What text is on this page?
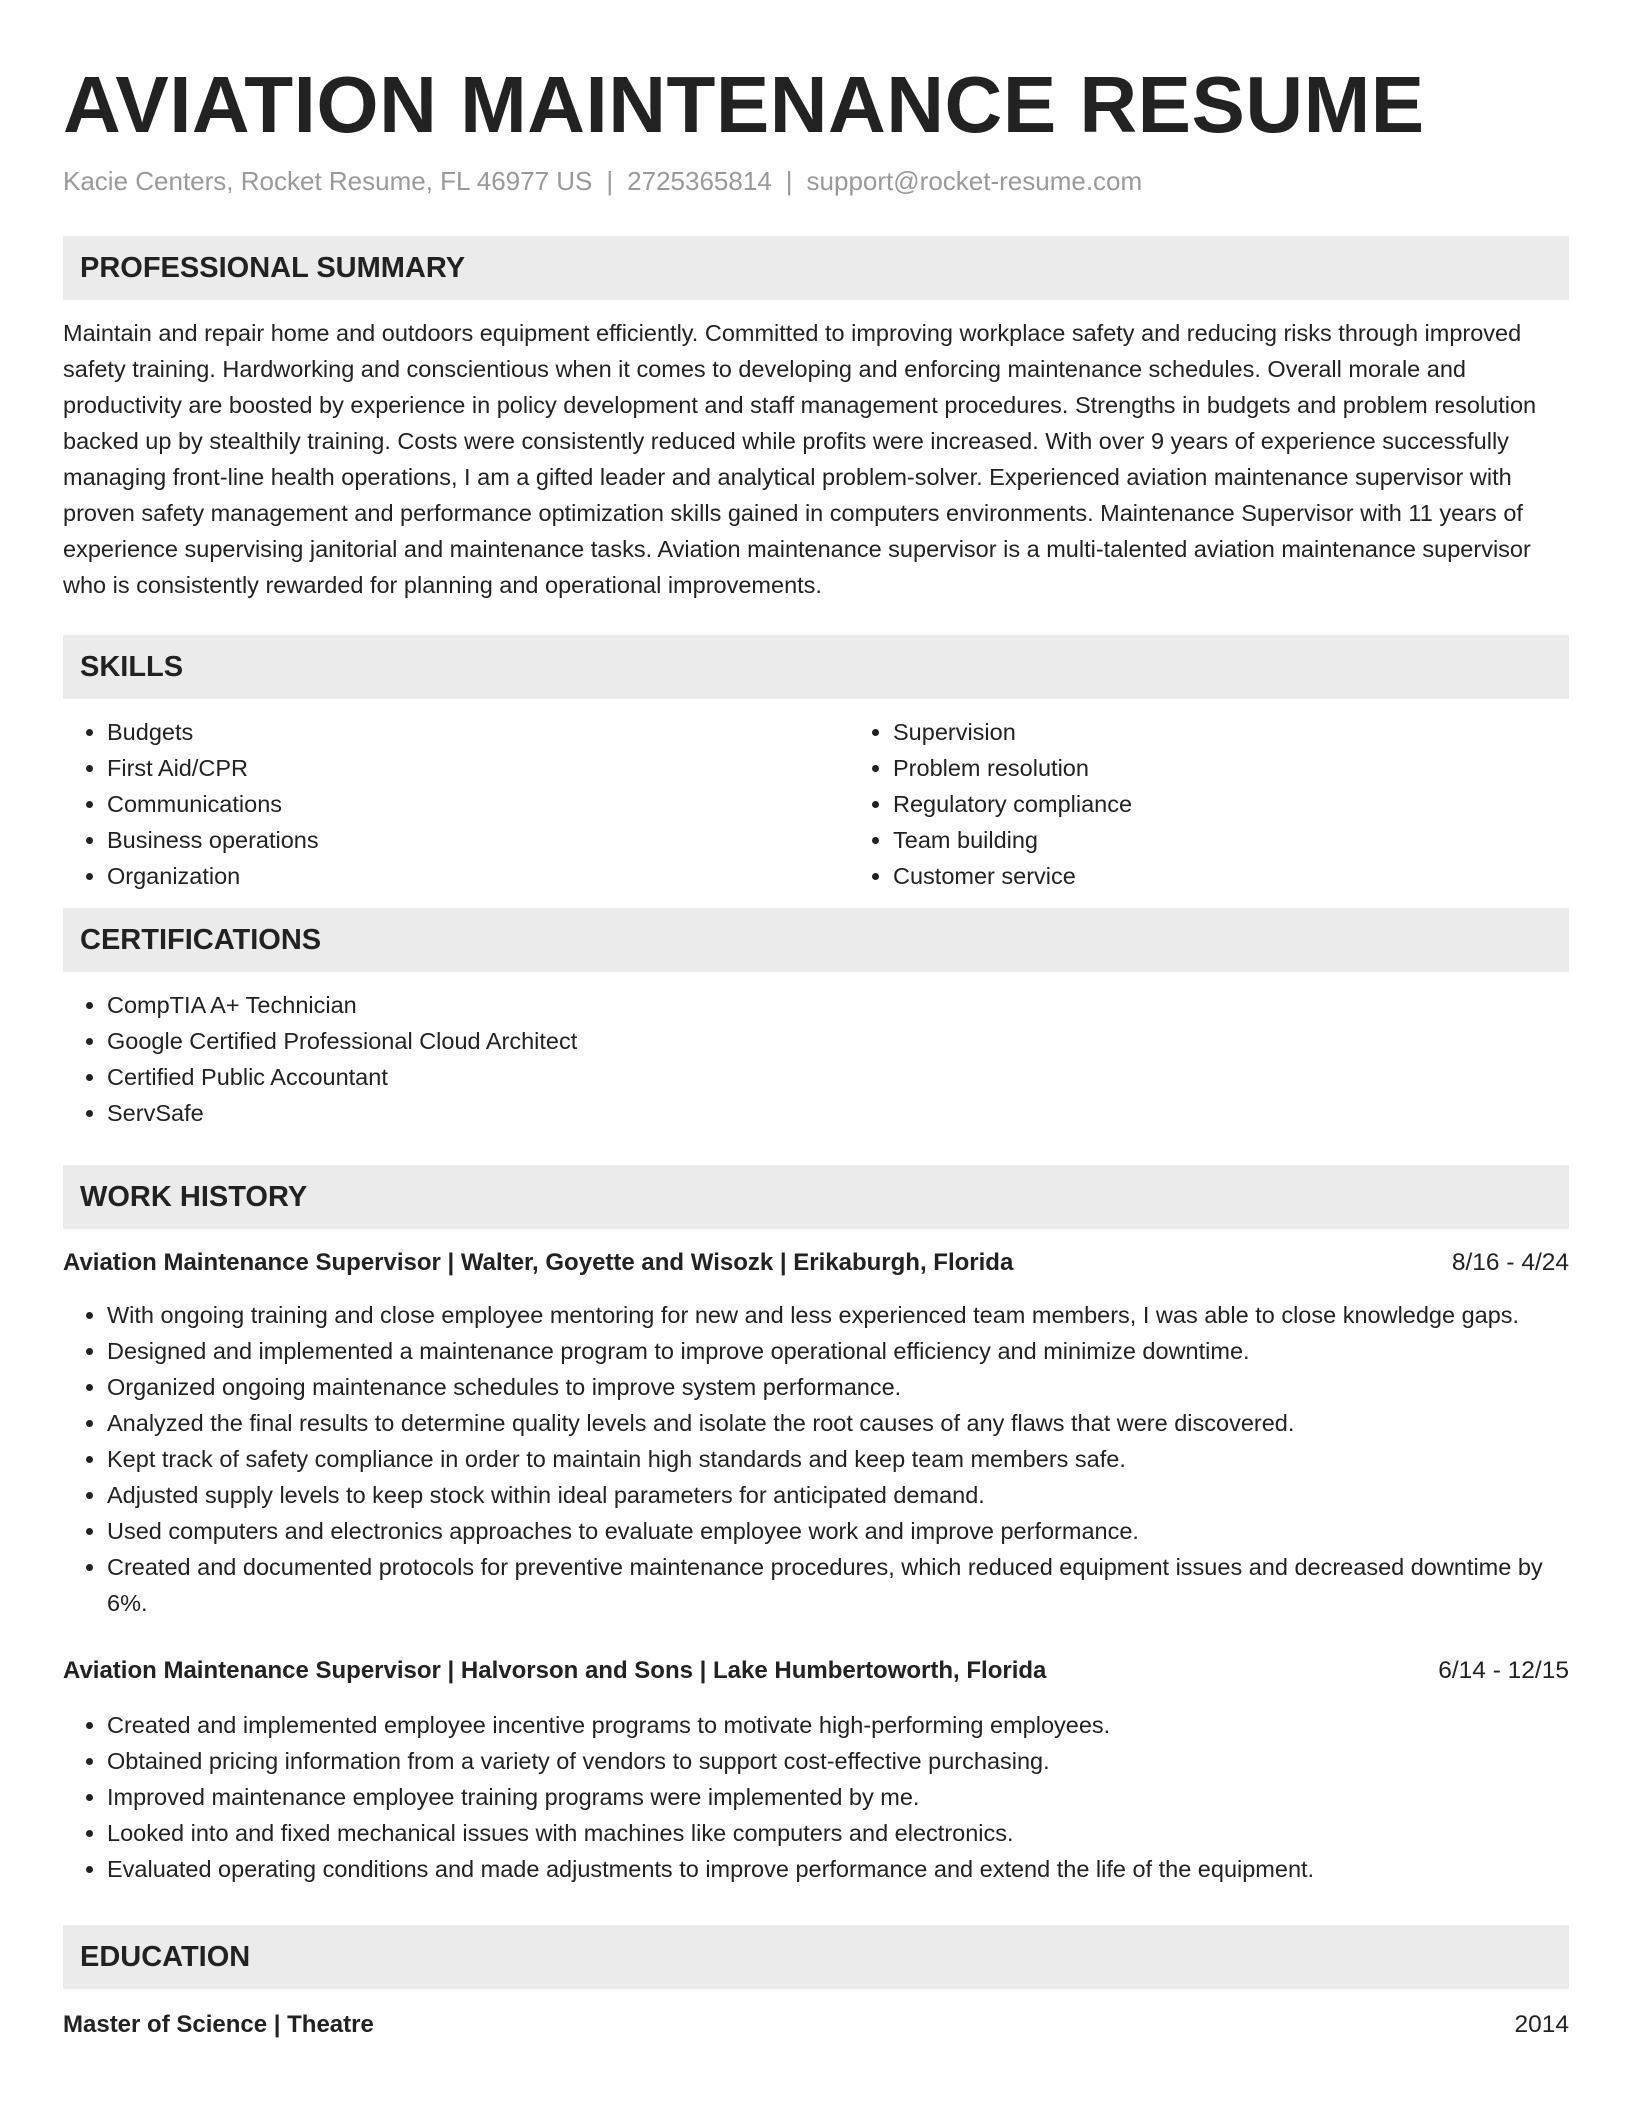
AVIATION MAINTENANCE RESUME
Kacie Centers, Rocket Resume, FL 46977 US | 2725365814 | support@rocket-resume.com
PROFESSIONAL SUMMARY

Maintain and repair home and outdoors equipment efficiently. Committed to improving workplace safety and reducing risks through improved safety training. Hardworking and conscientious when it comes to developing and enforcing maintenance schedules. Overall morale and productivity are boosted by experience in policy development and staff management procedures. Strengths in budgets and problem resolution backed up by stealthily training. Costs were consistently reduced while profits were increased. With over 9 years of experience successfully managing front-line health operations, I am a gifted leader and analytical problem-solver. Experienced aviation maintenance supervisor with proven safety management and performance optimization skills gained in computers environments. Maintenance Supervisor with 11 years of experience supervising janitorial and maintenance tasks. Aviation maintenance supervisor is a multi-talented aviation maintenance supervisor who is consistently rewarded for planning and operational improvements.

SKILLS
• Budgets
• First Aid/CPR
• Communications
• Business operations
• Organization
• Supervision
• Problem resolution
• Regulatory compliance
• Team building
• Customer service
CERTIFICATIONS
• CompTIA A+ Technician
• Google Certified Professional Cloud Architect
• Certified Public Accountant
• ServSafe
WORK HISTORY
Aviation Maintenance Supervisor | Walter, Goyette and Wisozk | Erikaburgh, Florida	8/16 - 4/24
• With ongoing training and close employee mentoring for new and less experienced team members, I was able to close knowledge gaps.
• Designed and implemented a maintenance program to improve operational efficiency and minimize downtime.
• Organized ongoing maintenance schedules to improve system performance.
• Analyzed the final results to determine quality levels and isolate the root causes of any flaws that were discovered.
• Kept track of safety compliance in order to maintain high standards and keep team members safe.
• Adjusted supply levels to keep stock within ideal parameters for anticipated demand.
• Used computers and electronics approaches to evaluate employee work and improve performance.
• Created and documented protocols for preventive maintenance procedures, which reduced equipment issues and decreased downtime by 6%.
Aviation Maintenance Supervisor | Halvorson and Sons | Lake Humbertoworth, Florida	6/14 - 12/15
• Created and implemented employee incentive programs to motivate high-performing employees.
• Obtained pricing information from a variety of vendors to support cost-effective purchasing.
• Improved maintenance employee training programs were implemented by me.
• Looked into and fixed mechanical issues with machines like computers and electronics.
• Evaluated operating conditions and made adjustments to improve performance and extend the life of the equipment.
EDUCATION
Master of Science | Theatre	2014
